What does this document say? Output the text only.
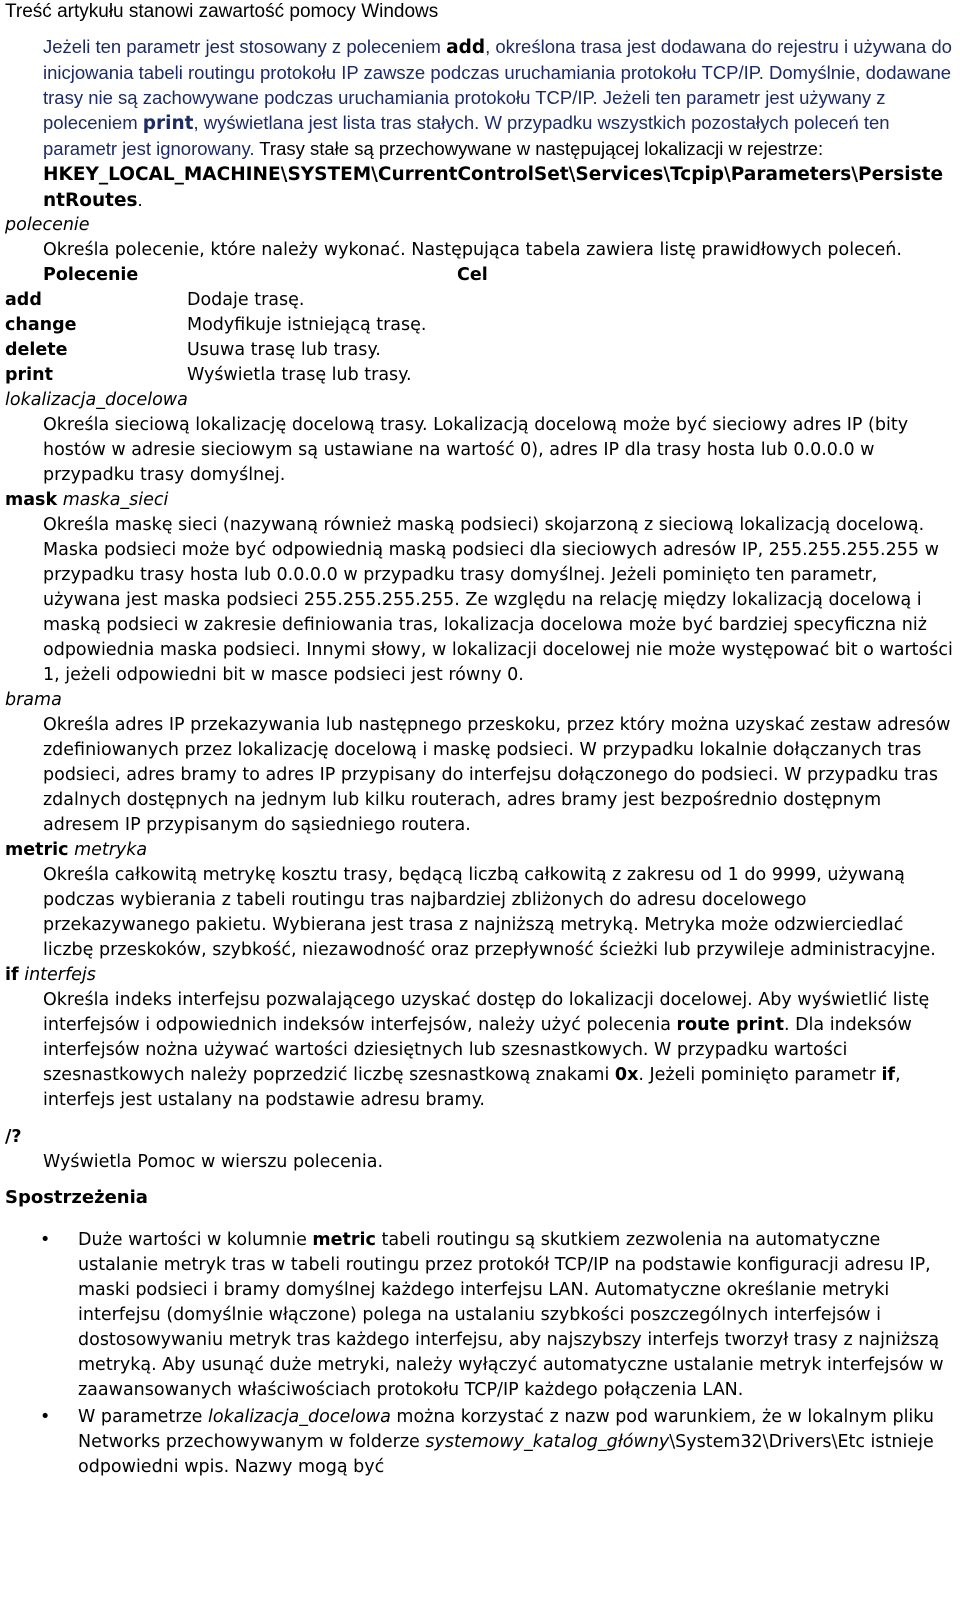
Treść artykułu stanowi zawartość pomocy Windows

Jeżeli ten parametr jest stosowany z poleceniem add, określona trasa jest dodawana do rejestru i używana do inicjowania tabeli routingu protokołu IP zawsze podczas uruchamiania protokołu TCP/IP. Domyślnie, dodawane trasy nie są zachowywane podczas uruchamiania protokołu TCP/IP. Jeżeli ten parametr jest używany z poleceniem print, wyświetlana jest lista tras stałych. W przypadku wszystkich pozostałych poleceń ten parametr jest ignorowany. Trasy stałe są przechowywane w następującej lokalizacji w rejestrze:
HKEY_LOCAL_MACHINE\SYSTEM\CurrentControlSet\Services\Tcpip\Parameters\PersistentRoutes.

polecenie

Określa polecenie, które należy wykonać. Następująca tabela zawiera listę prawidłowych poleceń.

Polecenie	Cel
add	Dodaje trasę.
change	Modyfikuje istniejącą trasę.
delete	Usuwa trasę lub trasy.
print	Wyświetla trasę lub trasy.
lokalizacja_docelowa

Określa sieciową lokalizację docelową trasy. Lokalizacją docelową może być sieciowy adres IP (bity hostów w adresie sieciowym są ustawiane na wartość 0), adres IP dla trasy hosta lub 0.0.0.0 w przypadku trasy domyślnej.

mask maska_sieci

Określa maskę sieci (nazywaną również maską podsieci) skojarzoną z sieciową lokalizacją docelową. Maska podsieci może być odpowiednią maską podsieci dla sieciowych adresów IP, 255.255.255.255 w przypadku trasy hosta lub 0.0.0.0 w przypadku trasy domyślnej. Jeżeli pominięto ten parametr, używana jest maska podsieci 255.255.255.255. Ze względu na relację między lokalizacją docelową i maską podsieci w zakresie definiowania tras, lokalizacja docelowa może być bardziej specyficzna niż odpowiednia maska podsieci. Innymi słowy, w lokalizacji docelowej nie może występować bit o wartości 1, jeżeli odpowiedni bit w masce podsieci jest równy 0.

brama

Określa adres IP przekazywania lub następnego przeskoku, przez który można uzyskać zestaw adresów zdefiniowanych przez lokalizację docelową i maskę podsieci. W przypadku lokalnie dołączanych tras podsieci, adres bramy to adres IP przypisany do interfejsu dołączonego do podsieci. W przypadku tras zdalnych dostępnych na jednym lub kilku routerach, adres bramy jest bezpośrednio dostępnym adresem IP przypisanym do sąsiedniego routera.

metric metryka

Określa całkowitą metrykę kosztu trasy, będącą liczbą całkowitą z zakresu od 1 do 9999, używaną podczas wybierania z tabeli routingu tras najbardziej zbliżonych do adresu docelowego przekazywanego pakietu. Wybierana jest trasa z najniższą metryką. Metryka może odzwierciedlać liczbę przeskoków, szybkość, niezawodność oraz przepływność ścieżki lub przywileje administracyjne.

if interfejs

Określa indeks interfejsu pozwalającego uzyskać dostęp do lokalizacji docelowej. Aby wyświetlić listę interfejsów i odpowiednich indeksów interfejsów, należy użyć polecenia route print. Dla indeksów interfejsów nożna używać wartości dziesiętnych lub szesnastkowych. W przypadku wartości szesnastkowych należy poprzedzić liczbę szesnastkową znakami 0x. Jeżeli pominięto parametr if, interfejs jest ustalany na podstawie adresu bramy.

/?

Wyświetla Pomoc w wierszu polecenia.

Spostrzeżenia
• Duże wartości w kolumnie metric tabeli routingu są skutkiem zezwolenia na automatyczne ustalanie metryk tras w tabeli routingu przez protokół TCP/IP na podstawie konfiguracji adresu IP, maski podsieci i bramy domyślnej każdego interfejsu LAN. Automatyczne określanie metryki interfejsu (domyślnie włączone) polega na ustalaniu szybkości poszczególnych interfejsów i dostosowywaniu metryk tras każdego interfejsu, aby najszybszy interfejs tworzył trasy z najniższą metryką. Aby usunąć duże metryki, należy wyłączyć automatyczne ustalanie metryk interfejsów w zaawansowanych właściwościach protokołu TCP/IP każdego połączenia LAN.
• W parametrze lokalizacja_docelowa można korzystać z nazw pod warunkiem, że w lokalnym pliku Networks przechowywanym w folderze systemowy_katalog_główny\System32\Drivers\Etc istnieje odpowiedni wpis. Nazwy mogą być
